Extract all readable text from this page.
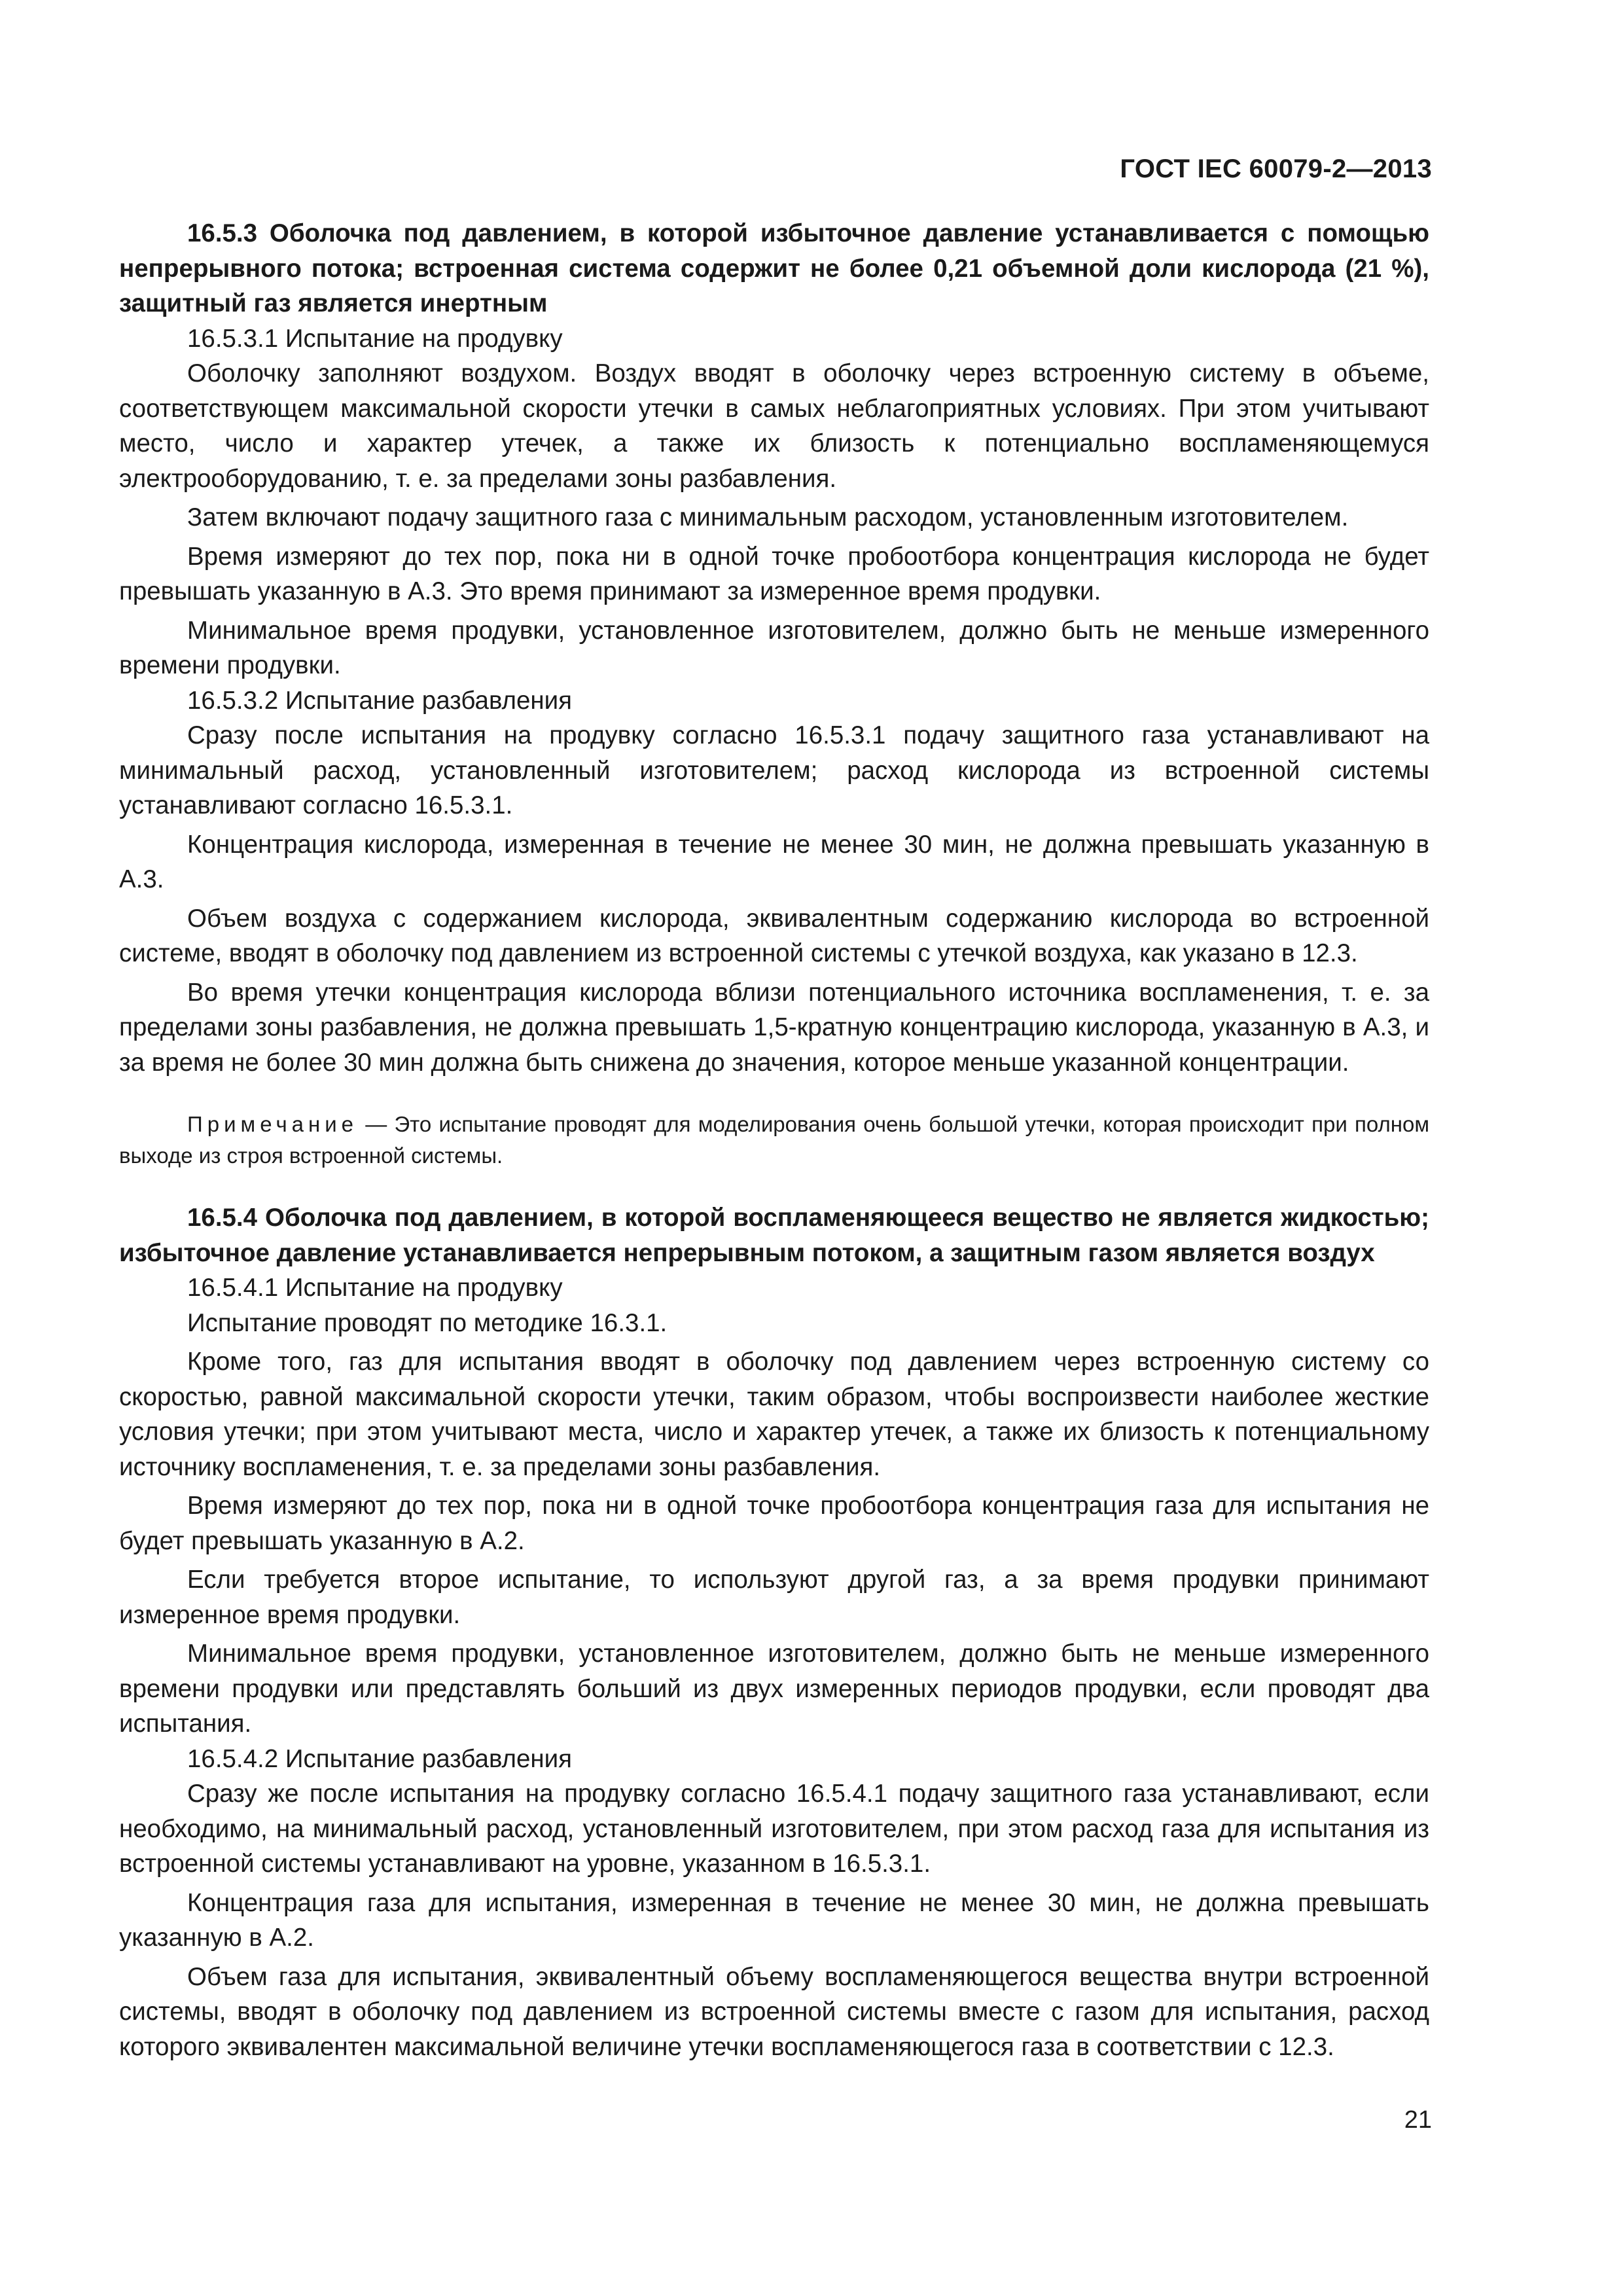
ГОСТ IEC 60079-2—2013

16.5.3 Оболочка под давлением, в которой избыточное давление устанавливается с помощью непрерывного потока; встроенная система содержит не более 0,21 объемной доли кислорода (21 %), защитный газ является инертным

16.5.3.1 Испытание на продувку

Оболочку заполняют воздухом. Воздух вводят в оболочку через встроенную систему в объеме, соответствующем максимальной скорости утечки в самых неблагоприятных условиях. При этом учитывают место, число и характер утечек, а также их близость к потенциально воспламеняющемуся электрооборудованию, т. е. за пределами зоны разбавления.

Затем включают подачу защитного газа с минимальным расходом, установленным изготовителем.

Время измеряют до тех пор, пока ни в одной точке пробоотбора концентрация кислорода не будет превышать указанную в А.3. Это время принимают за измеренное время продувки.

Минимальное время продувки, установленное изготовителем, должно быть не меньше измеренного времени продувки.

16.5.3.2 Испытание разбавления

Сразу после испытания на продувку согласно 16.5.3.1 подачу защитного газа устанавливают на минимальный расход, установленный изготовителем; расход кислорода из встроенной системы устанавливают согласно 16.5.3.1.

Концентрация кислорода, измеренная в течение не менее 30 мин, не должна превышать указанную в А.3.

Объем воздуха с содержанием кислорода, эквивалентным содержанию кислорода во встроенной системе, вводят в оболочку под давлением из встроенной системы с утечкой воздуха, как указано в 12.3.

Во время утечки концентрация кислорода вблизи потенциального источника воспламенения, т. е. за пределами зоны разбавления, не должна превышать 1,5-кратную концентрацию кислорода, указанную в А.3, и за время не более 30 мин должна быть снижена до значения, которое меньше указанной концентрации.

Примечание — Это испытание проводят для моделирования очень большой утечки, которая происходит при полном выходе из строя встроенной системы.

16.5.4 Оболочка под давлением, в которой воспламеняющееся вещество не является жидкостью; избыточное давление устанавливается непрерывным потоком, а защитным газом является воздух

16.5.4.1 Испытание на продувку

Испытание проводят по методике 16.3.1.

Кроме того, газ для испытания вводят в оболочку под давлением через встроенную систему со скоростью, равной максимальной скорости утечки, таким образом, чтобы воспроизвести наиболее жесткие условия утечки; при этом учитывают места, число и характер утечек, а также их близость к потенциальному источнику воспламенения, т. е. за пределами зоны разбавления.

Время измеряют до тех пор, пока ни в одной точке пробоотбора концентрация газа для испытания не будет превышать указанную в А.2.

Если требуется второе испытание, то используют другой газ, а за время продувки принимают измеренное время продувки.

Минимальное время продувки, установленное изготовителем, должно быть не меньше измеренного времени продувки или представлять больший из двух измеренных периодов продувки, если проводят два испытания.

16.5.4.2 Испытание разбавления

Сразу же после испытания на продувку согласно 16.5.4.1 подачу защитного газа устанавливают, если необходимо, на минимальный расход, установленный изготовителем, при этом расход газа для испытания из встроенной системы устанавливают на уровне, указанном в 16.5.3.1.

Концентрация газа для испытания, измеренная в течение не менее 30 мин, не должна превышать указанную в А.2.

Объем газа для испытания, эквивалентный объему воспламеняющегося вещества внутри встроенной системы, вводят в оболочку под давлением из встроенной системы вместе с газом для испытания, расход которого эквивалентен максимальной величине утечки воспламеняющегося газа в соответствии с 12.3.

21
